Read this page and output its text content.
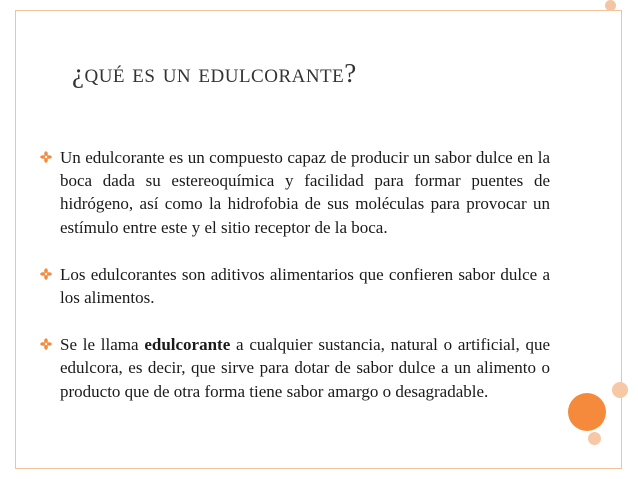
¿qué es un edulcorante?
Un edulcorante es un compuesto capaz de producir un sabor dulce en la boca dada su estereoquímica y facilidad para formar puentes de hidrógeno, así como la hidrofobia de sus moléculas para provocar un estímulo entre este y el sitio receptor de la boca.
Los edulcorantes son aditivos alimentarios que confieren sabor dulce a los alimentos.
Se le llama edulcorante a cualquier sustancia, natural o artificial, que edulcora, es decir, que sirve para dotar de sabor dulce a un alimento o producto que de otra forma tiene sabor amargo o desagradable.
